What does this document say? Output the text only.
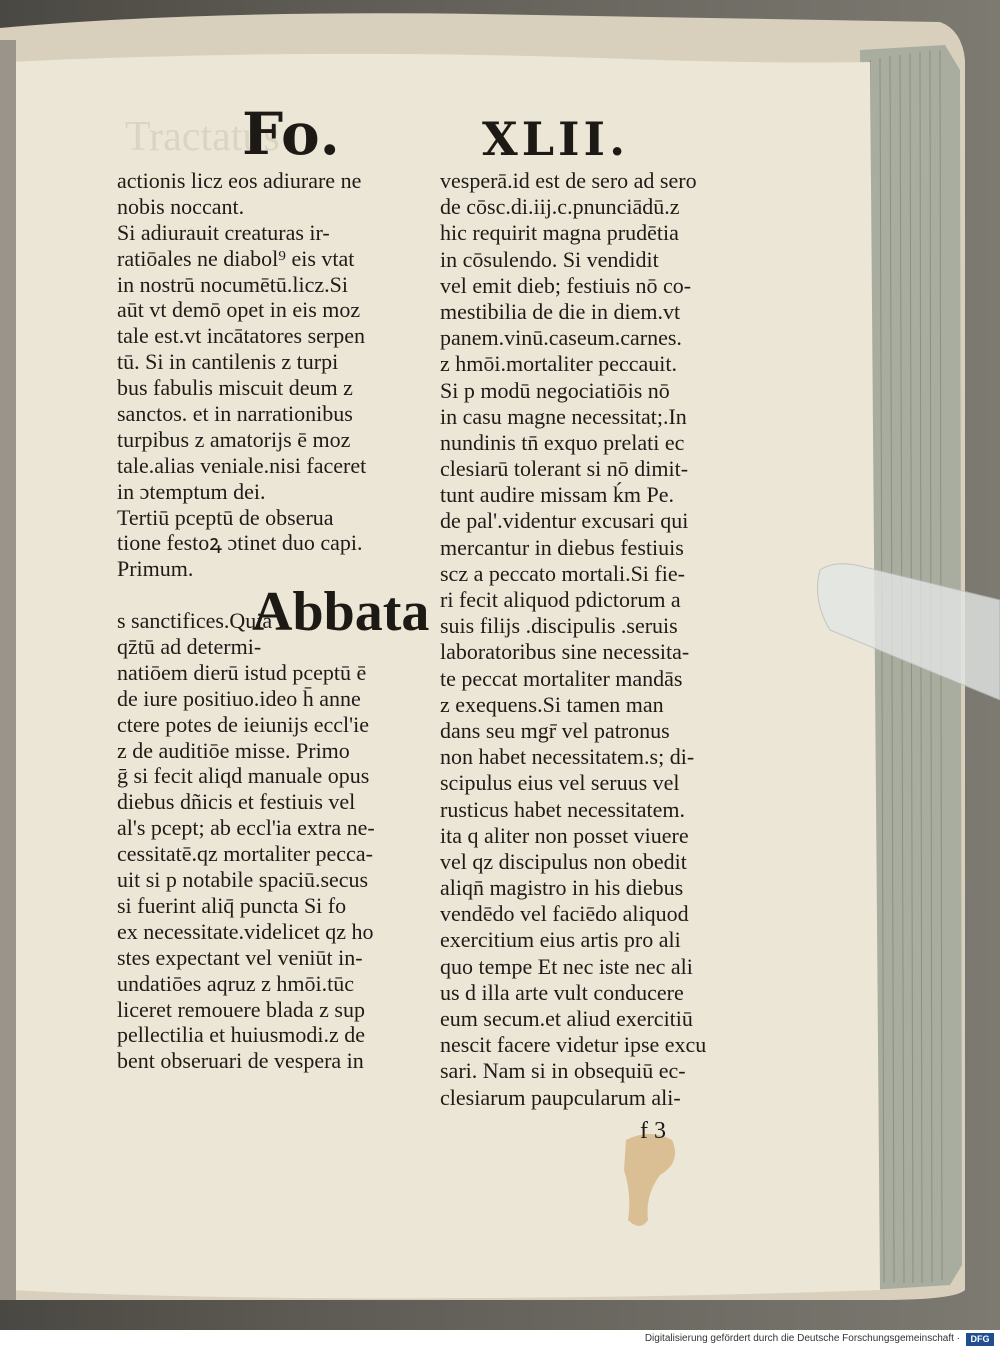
Tractatus
Fo.	XLII.
actionis licz eos adiurare ne
nobis noccant.
Si adiurauit creaturas ir-
ratiōales ne diabol⁹ eis vtat
in nostrū nocumētū.licz.Si
aūt vt demō opet in eis moz
tale est.vt incātatores serpen
tū. Si in cantilenis z turpi
bus fabulis miscuit deum z
sanctos. et in narrationibus
turpibus z amatorijs ē moz
tale.alias veniale.nisi faceret
in ɔtemptum dei.
Tertiū pceptū de obserua
tione festoꝝ ɔtinet duo capi.
Primum.
s sanctifices.Quia
qz̄tū ad determi-
natiōem dierū istud pceptū ē
de iure positiuo.ideo h̄ anne
ctere potes de ieiunijs eccl'ie
z de auditiōe misse. Primo
ḡ si fecit aliqd manuale opus
diebus dñicis et festiuis vel
al's pcept; ab eccl'ia extra ne-
cessitatē.qz mortaliter pecca-
uit si p notabile spaciū.secus
si fuerint aliq̄ puncta Si fo
ex necessitate.videlicet qz ho
stes expectant vel veniūt in-
undatiōes aqruz z hmōi.tūc
liceret remouere blada z sup
pellectilia et huiusmodi.z de
bent obseruari de vespera in
Abbata
vesperā.id est de sero ad sero
de cōsc.di.iij.c.pnunciādū.z
hic requirit magna prudētia
in cōsulendo. Si vendidit
vel emit dieb; festiuis nō co-
mestibilia de die in diem.vt
panem.vinū.caseum.carnes.
z hmōi.mortaliter peccauit.
Si p modū negociatiōis nō
in casu magne necessitat;.In
nundinis tn̄ exquo prelati ec
clesiarū tolerant si nō dimit-
tunt audire missam ḱm Pe.
de pal'.videntur excusari qui
mercantur in diebus festiuis
scz a peccato mortali.Si fie-
ri fecit aliquod pdictorum a
suis filijs .discipulis .seruis
laboratoribus sine necessita-
te peccat mortaliter mandās
z exequens.Si tamen man
dans seu mgr̄ vel patronus
non habet necessitatem.s; di-
scipulus eius vel seruus vel
rusticus habet necessitatem.
ita q aliter non posset viuere
vel qz discipulus non obedit
aliqn̄ magistro in his diebus
vendēdo vel faciēdo aliquod
exercitium eius artis pro ali
quo tempe Et nec iste nec ali
us d illa arte vult conducere
eum secum.et aliud exercitiū
nescit facere videtur ipse excu
sari. Nam si in obsequiū ec-
clesiarum paupcularum ali-
f 3
Digitalisierung gefördert durch die Deutsche Forschungsgemeinschaft ·	DFG
